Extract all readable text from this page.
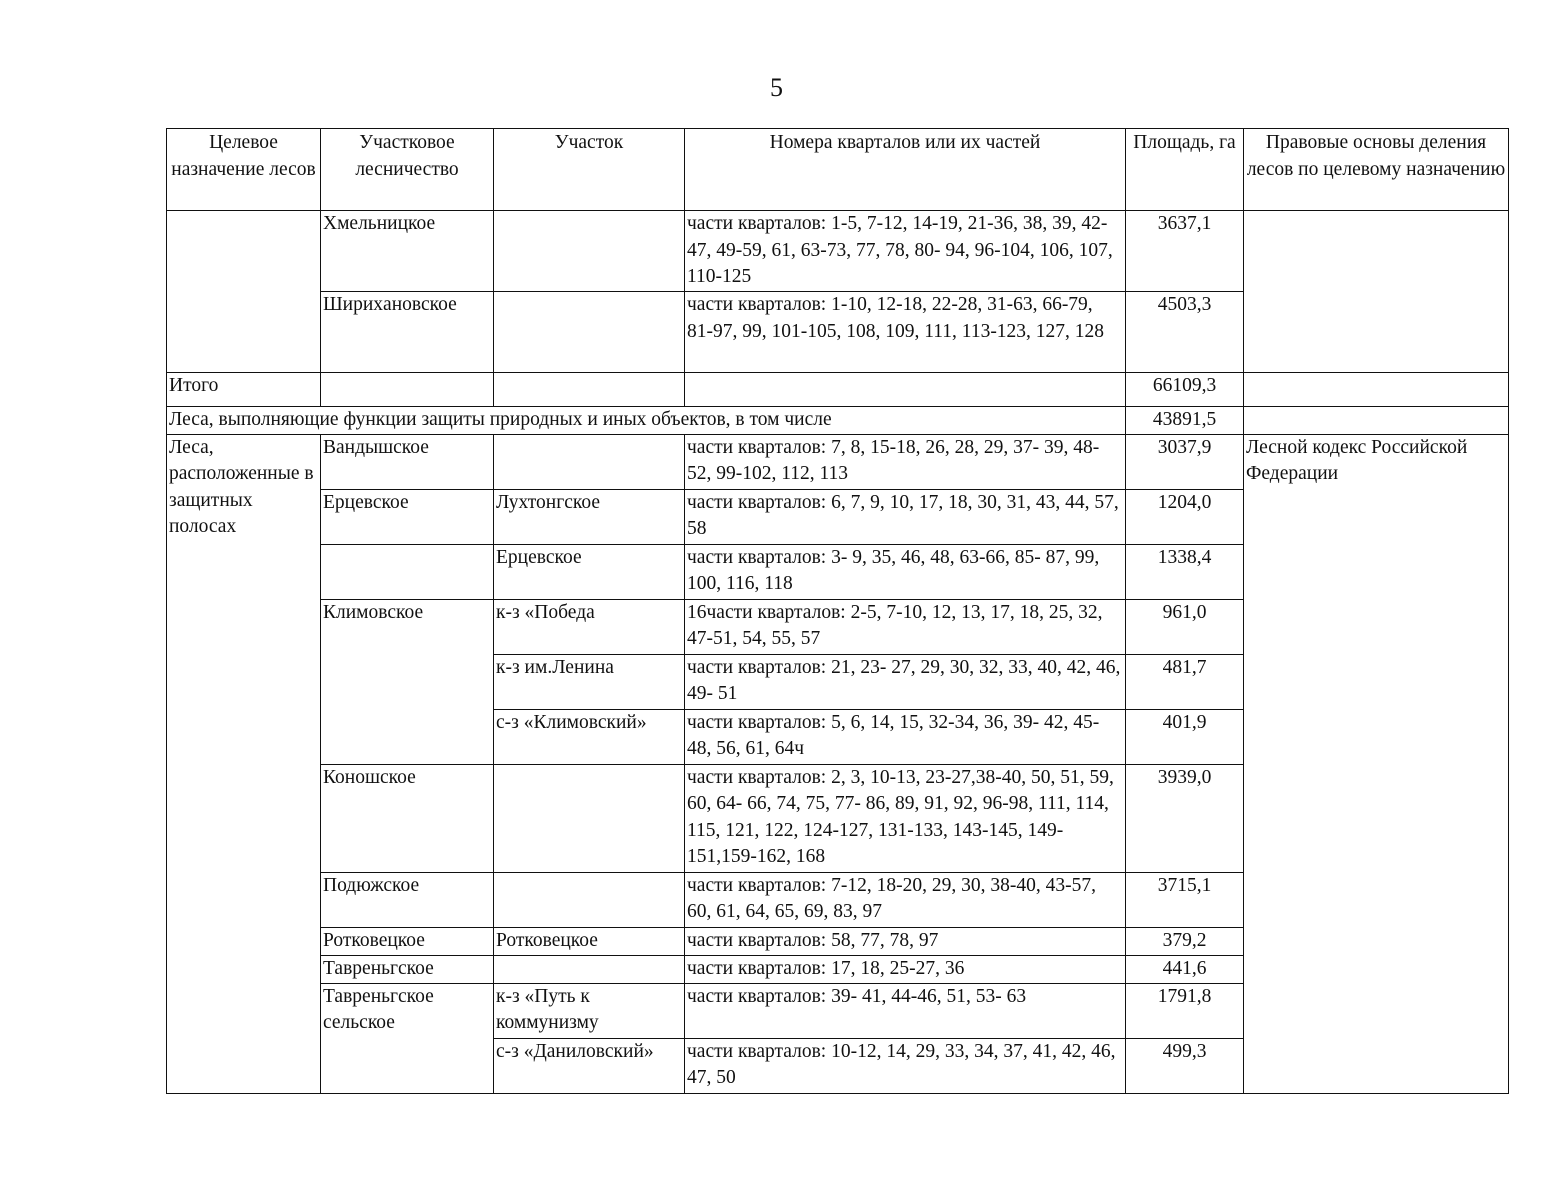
5
Целевое назначение лесов	Участковое лесничество	Участок	Номера кварталов или их частей	Площадь, га	Правовые основы деления лесов по целевому назначению
	Хмельницкое		части кварталов: 1-5, 7-12, 14-19, 21-36, 38, 39, 42-47, 49-59, 61, 63-73, 77, 78, 80- 94, 96-104, 106, 107, 110-125	3637,1	
	Шириxановское		части кварталов: 1-10, 12-18, 22-28, 31-63, 66-79, 81-97, 99, 101-105, 108, 109, 111, 113-123, 127, 128	4503,3	
Итого				66109,3	
Леса, выполняющие функции защиты природных и иных объектов, в том числе				43891,5	
Леса, расположенные в защитных полосах	Вандышское		части кварталов: 7, 8, 15-18, 26, 28, 29, 37- 39, 48-52, 99-102, 112, 113	3037,9	Лесной кодекс Российской Федерации
	Ерцевское	Лухтонгское	части кварталов: 6, 7, 9, 10, 17, 18, 30, 31, 43, 44, 57, 58	1204,0	
		Ерцевское	части кварталов: 3- 9, 35, 46, 48, 63-66, 85- 87, 99, 100, 116, 118	1338,4	
	Климовское	к-з «Победа	16части кварталов: 2-5, 7-10, 12, 13, 17, 18, 25, 32, 47-51, 54, 55, 57	961,0	
		к-з им.Ленина	части кварталов: 21, 23- 27, 29, 30, 32, 33, 40, 42, 46, 49- 51	481,7	
		с-з «Климовский»	части кварталов: 5, 6, 14, 15, 32-34, 36, 39- 42, 45-48, 56, 61, 64ч	401,9	
	Коношское		части кварталов: 2, 3, 10-13, 23-27,38-40, 50, 51, 59, 60, 64- 66, 74, 75, 77- 86, 89, 91, 92, 96-98, 111, 114, 115, 121, 122, 124-127, 131-133, 143-145, 149-151,159-162, 168	3939,0	
	Подюжское		части кварталов: 7-12, 18-20, 29, 30, 38-40, 43-57, 60, 61, 64, 65, 69, 83, 97	3715,1	
	Ротковецкое	Ротковецкое	части кварталов: 58, 77, 78, 97	379,2	
	Тавреньгское		части кварталов: 17, 18, 25-27, 36	441,6	
	Тавреньгское сельское	к-з «Путь к коммунизму	части кварталов: 39- 41, 44-46, 51, 53- 63	1791,8	
		с-з «Даниловский»	части кварталов: 10-12, 14, 29, 33, 34, 37, 41, 42, 46, 47, 50	499,3	
